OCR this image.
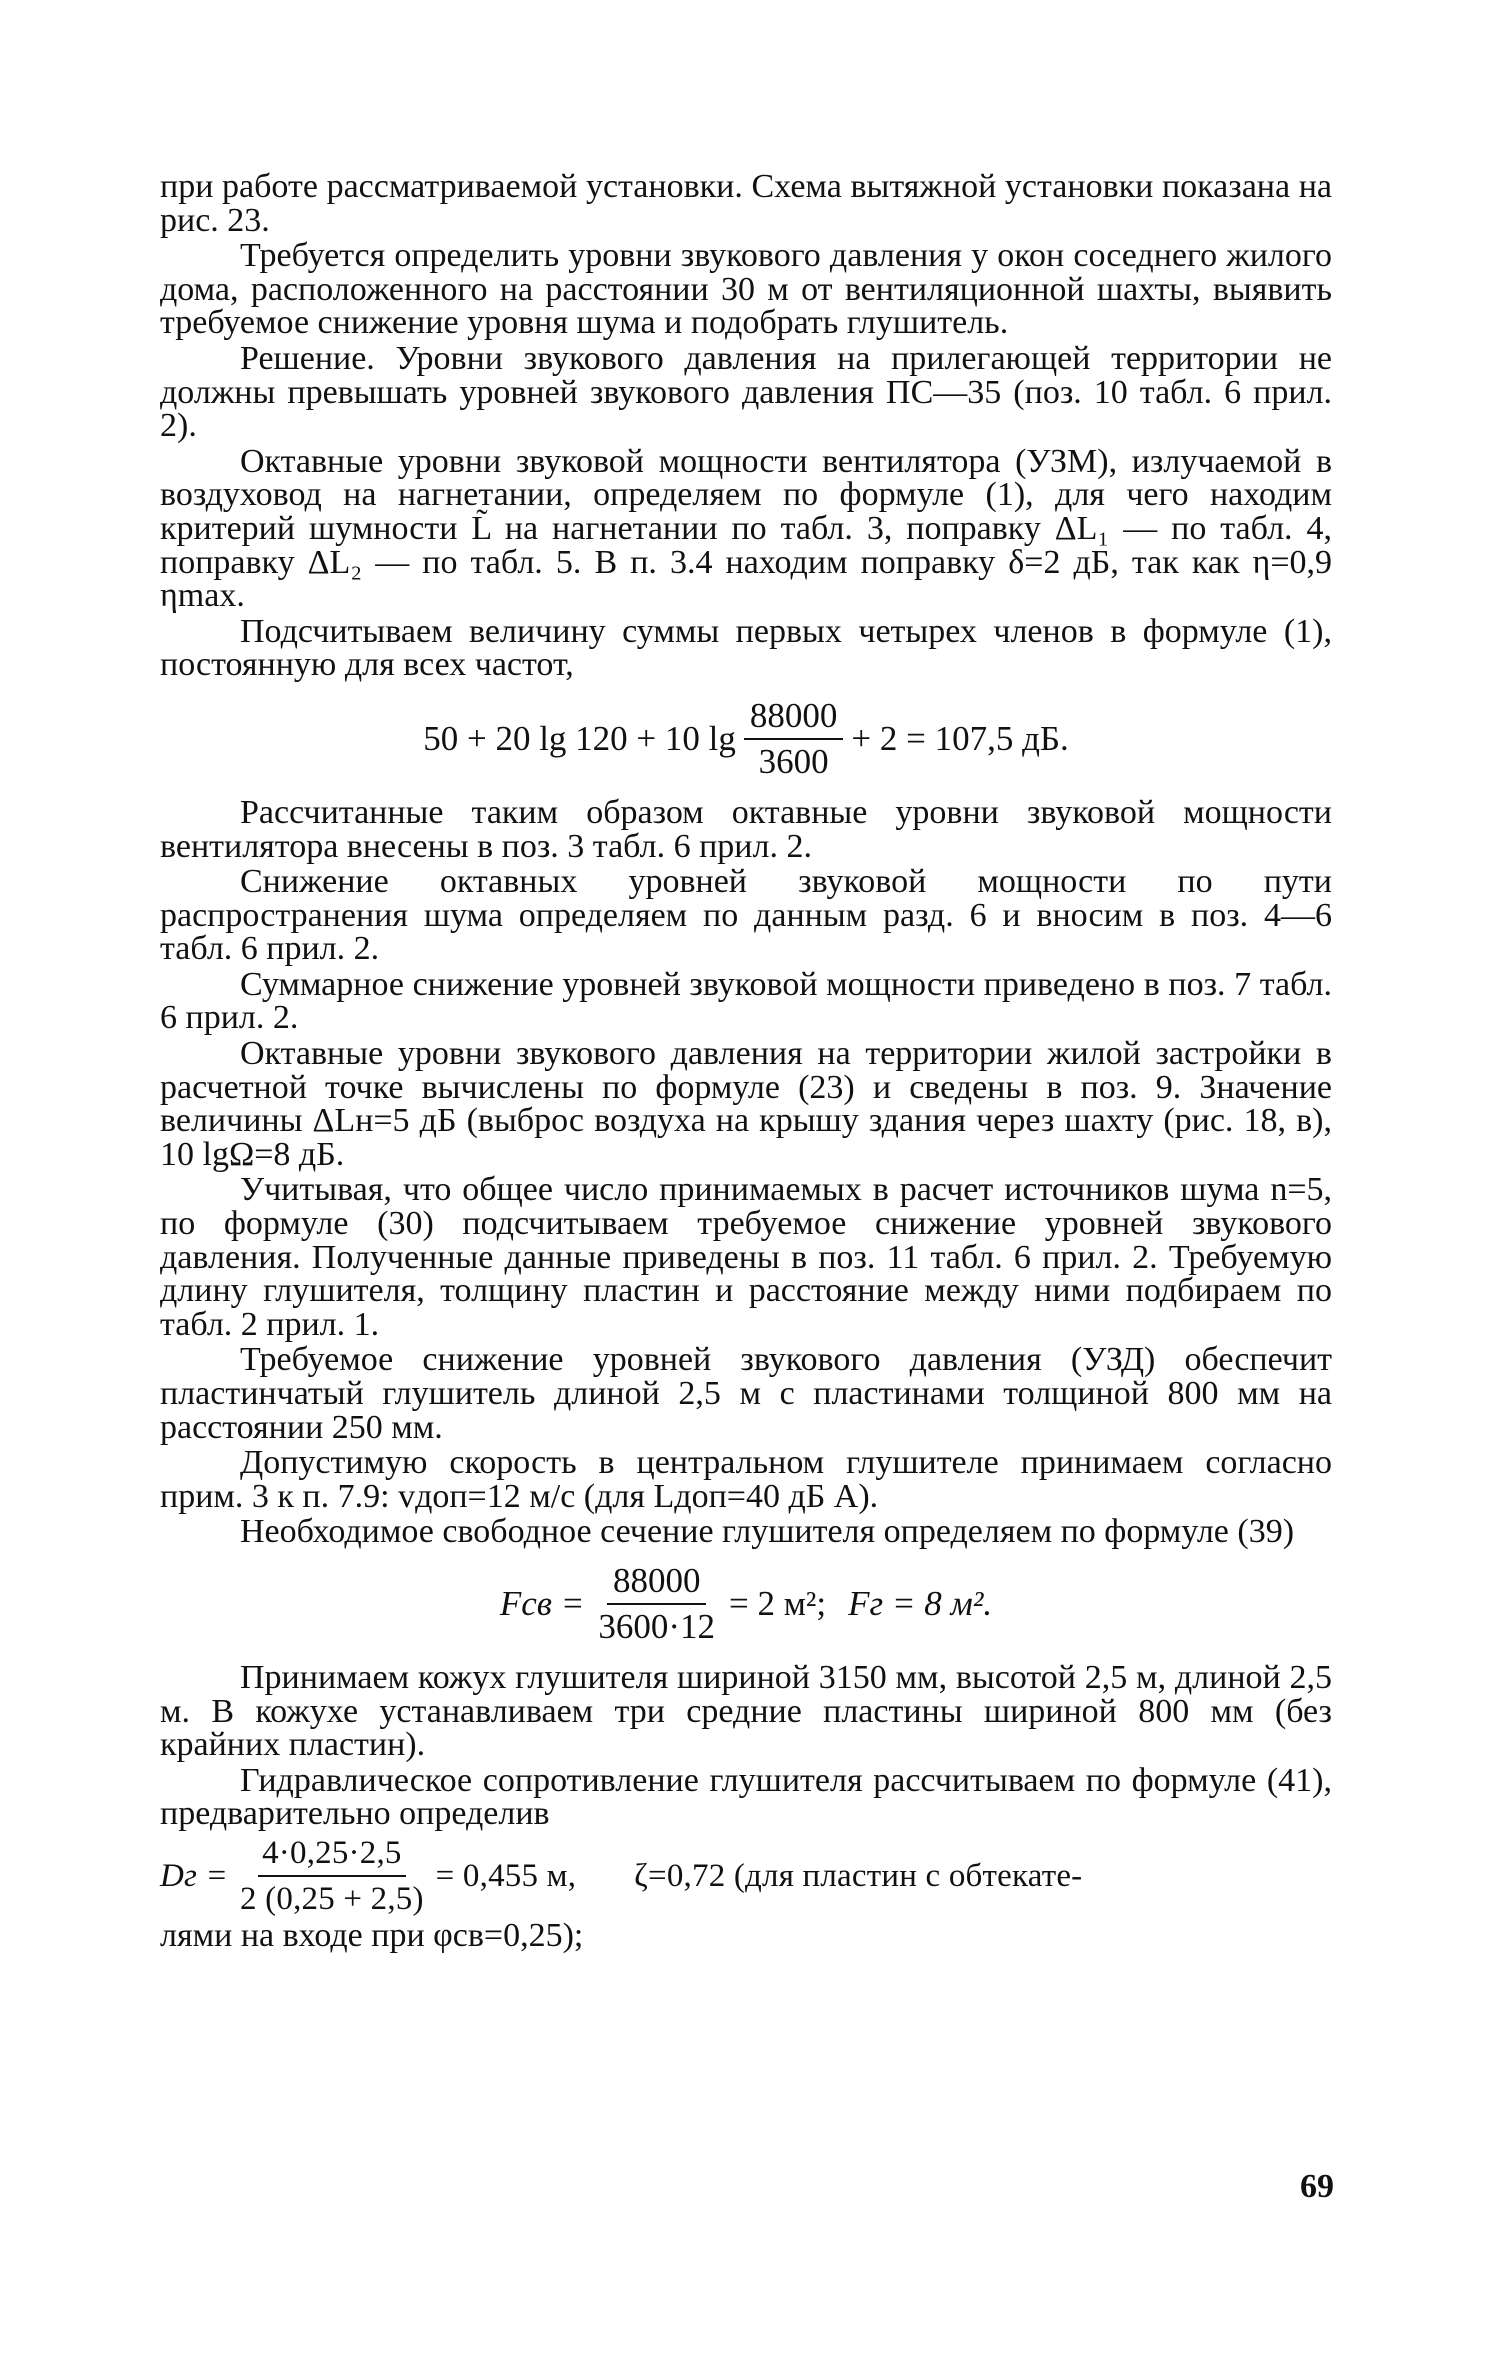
при работе рассматриваемой установки. Схема вытяжной установки показана на рис. 23.

Требуется определить уровни звукового давления у окон соседнего жилого дома, расположенного на расстоянии 30 м от вентиляционной шахты, выявить требуемое снижение уровня шума и подобрать глушитель.

Решение. Уровни звукового давления на прилегающей территории не должны превышать уровней звукового давления ПС—35 (поз. 10 табл. 6 прил. 2).

Октавные уровни звуковой мощности вентилятора (УЗМ), излучаемой в воздуховод на нагнетании, определяем по формуле (1), для чего находим критерий шумности L̃ на нагнетании по табл. 3, поправку ΔL₁ — по табл. 4, поправку ΔL₂ — по табл. 5. В п. 3.4 находим поправку δ=2 дБ, так как η=0,9 ηmax.

Подсчитываем величину суммы первых четырех членов в формуле (1), постоянную для всех частот,

50 + 20 lg 120 + 10 $\lg \frac{88000}{3600} + 2 = 107,5$ дБ.

Рассчитанные таким образом октавные уровни звуковой мощности вентилятора внесены в поз. 3 табл. 6 прил. 2.

Снижение октавных уровней звуковой мощности по пути распространения шума определяем по данным разд. 6 и вносим в поз. 4—6 табл. 6 прил. 2.

Суммарное снижение уровней звуковой мощности приведено в поз. 7 табл. 6 прил. 2.

Октавные уровни звукового давления на территории жилой застройки в расчетной точке вычислены по формуле (23) и сведены в поз. 9. Значение величины ΔLн=5 дБ (выброс воздуха на крышу здания через шахту (рис. 18, в), 10 lgΩ=8 дБ.

Учитывая, что общее число принимаемых в расчет источников шума n=5, по формуле (30) подсчитываем требуемое снижение уровней звукового давления. Полученные данные приведены в поз. 11 табл. 6 прил. 2. Требуемую длину глушителя, толщину пластин и расстояние между ними подбираем по табл. 2 прил. 1.

Требуемое снижение уровней звукового давления (УЗД) обеспечит пластинчатый глушитель длиной 2,5 м с пластинами толщиной 800 мм на расстоянии 250 мм.

Допустимую скорость в центральном глушителе принимаем согласно прим. 3 к п. 7.9: vдоп=12 м/с (для Lдоп=40 дБ А).

Необходимое свободное сечение глушителя определяем по формуле (39)

Fсв = $\frac{88000}{3600\cdot 12} = 2$ м²; Fг = 8 м².

Принимаем кожух глушителя шириной 3150 мм, высотой 2,5 м, длиной 2,5 м. В кожухе устанавливаем три средние пластины шириной 800 мм (без крайних пластин).

Гидравлическое сопротивление глушителя рассчитываем по формуле (41), предварительно определив

Dг = $\frac{4\cdot 0,25\cdot 2,5}{2 (0,25 + 2,5)} = 0,455$ м, ζ=0,72 (для пластин с обтекате-

лями на входе при φсв=0,25);

69
